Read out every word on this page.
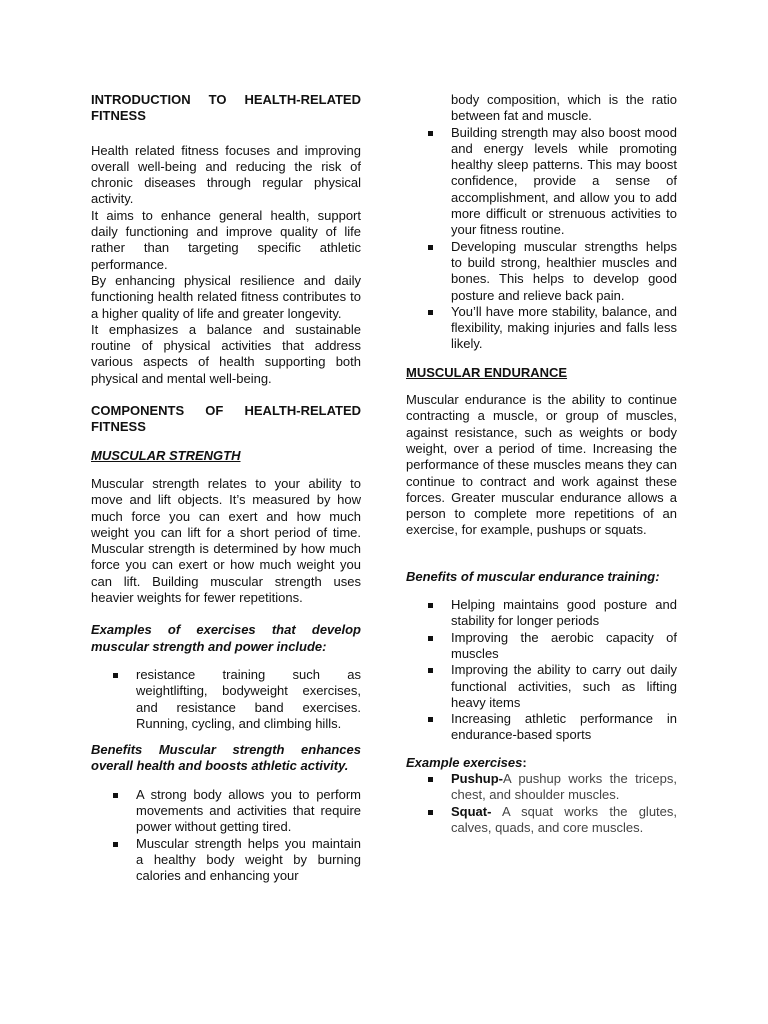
INTRODUCTION TO HEALTH-RELATED FITNESS

Health related fitness focuses and improving overall well-being and reducing the risk of chronic diseases through regular physical activity.

It aims to enhance general health, support daily functioning and improve quality of life rather than targeting specific athletic performance.

By enhancing physical resilience and daily functioning health related fitness contributes to a higher quality of life and greater longevity.

It emphasizes a balance and sustainable routine of physical activities that address various aspects of health supporting both physical and mental well-being.

COMPONENTS OF HEALTH-RELATED FITNESS

MUSCULAR STRENGTH

Muscular strength relates to your ability to move and lift objects. It’s measured by how much force you can exert and how much weight you can lift for a short period of time. Muscular strength is determined by how much force you can exert or how much weight you can lift. Building muscular strength uses heavier weights for fewer repetitions.

Examples of exercises that develop muscular strength and power include:

resistance training such as weightlifting, bodyweight exercises, and resistance band exercises. Running, cycling, and climbing hills.

Benefits Muscular strength enhances overall health and boosts athletic activity.

A strong body allows you to perform movements and activities that require power without getting tired.
Muscular strength helps you maintain a healthy body weight by burning calories and enhancing your
body composition, which is the ratio between fat and muscle.
Building strength may also boost mood and energy levels while promoting healthy sleep patterns. This may boost confidence, provide a sense of accomplishment, and allow you to add more difficult or strenuous activities to your fitness routine.
Developing muscular strengths helps to build strong, healthier muscles and bones. This helps to develop good posture and relieve back pain.
You’ll have more stability, balance, and flexibility, making injuries and falls less likely.

MUSCULAR ENDURANCE

Muscular endurance is the ability to continue contracting a muscle, or group of muscles, against resistance, such as weights or body weight, over a period of time. Increasing the performance of these muscles means they can continue to contract and work against these forces. Greater muscular endurance allows a person to complete more repetitions of an exercise, for example, pushups or squats.

Benefits of muscular endurance training:

Helping maintains good posture and stability for longer periods
Improving the aerobic capacity of muscles
Improving the ability to carry out daily functional activities, such as lifting heavy items
Increasing athletic performance in endurance-based sports

Example exercises:

Pushup-A pushup works the triceps, chest, and shoulder muscles.
Squat- A squat works the glutes, calves, quads, and core muscles.
